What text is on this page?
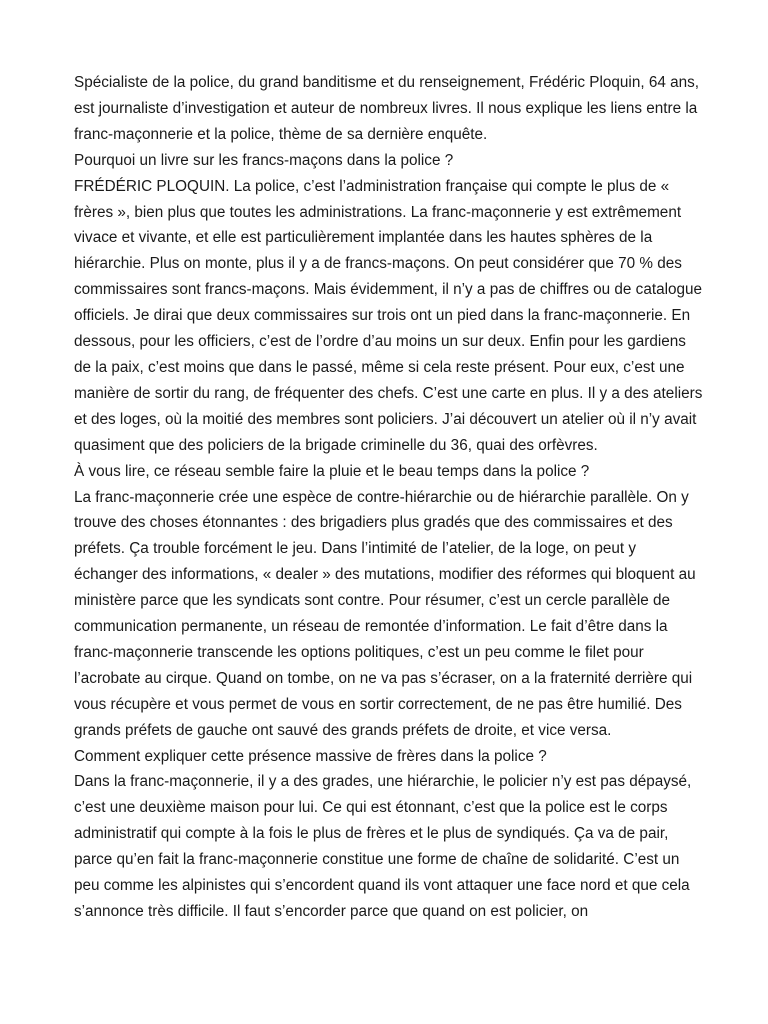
Spécialiste de la police, du grand banditisme et du renseignement, Frédéric Ploquin, 64 ans, est journaliste d’investigation et auteur de nombreux livres. Il nous explique les liens entre la franc-maçonnerie et la police, thème de sa dernière enquête.

Pourquoi un livre sur les francs-maçons dans la police ?

FRÉDÉRIC PLOQUIN. La police, c’est l’administration française qui compte le plus de « frères », bien plus que toutes les administrations. La franc-maçonnerie y est extrêmement vivace et vivante, et elle est particulièrement implantée dans les hautes sphères de la hiérarchie. Plus on monte, plus il y a de francs-maçons. On peut considérer que 70 % des commissaires sont francs-maçons. Mais évidemment, il n’y a pas de chiffres ou de catalogue officiels. Je dirai que deux commissaires sur trois ont un pied dans la franc-maçonnerie. En dessous, pour les officiers, c’est de l’ordre d’au moins un sur deux. Enfin pour les gardiens de la paix, c’est moins que dans le passé, même si cela reste présent. Pour eux, c’est une manière de sortir du rang, de fréquenter des chefs. C’est une carte en plus. Il y a des ateliers et des loges, où la moitié des membres sont policiers. J’ai découvert un atelier où il n’y avait quasiment que des policiers de la brigade criminelle du 36, quai des orfèvres.

À vous lire, ce réseau semble faire la pluie et le beau temps dans la police ?

La franc-maçonnerie crée une espèce de contre-hiérarchie ou de hiérarchie parallèle. On y trouve des choses étonnantes : des brigadiers plus gradés que des commissaires et des préfets. Ça trouble forcément le jeu. Dans l’intimité de l’atelier, de la loge, on peut y échanger des informations, « dealer » des mutations, modifier des réformes qui bloquent au ministère parce que les syndicats sont contre. Pour résumer, c’est un cercle parallèle de communication permanente, un réseau de remontée d’information. Le fait d’être dans la franc-maçonnerie transcende les options politiques, c’est un peu comme le filet pour l’acrobate au cirque. Quand on tombe, on ne va pas s’écraser, on a la fraternité derrière qui vous récupère et vous permet de vous en sortir correctement, de ne pas être humilié. Des grands préfets de gauche ont sauvé des grands préfets de droite, et vice versa.

Comment expliquer cette présence massive de frères dans la police ?

Dans la franc-maçonnerie, il y a des grades, une hiérarchie, le policier n’y est pas dépaysé, c’est une deuxième maison pour lui. Ce qui est étonnant, c’est que la police est le corps administratif qui compte à la fois le plus de frères et le plus de syndiqués. Ça va de pair, parce qu’en fait la franc-maçonnerie constitue une forme de chaîne de solidarité. C’est un peu comme les alpinistes qui s’encordent quand ils vont attaquer une face nord et que cela s’annonce très difficile. Il faut s’encorder parce que quand on est policier, on
